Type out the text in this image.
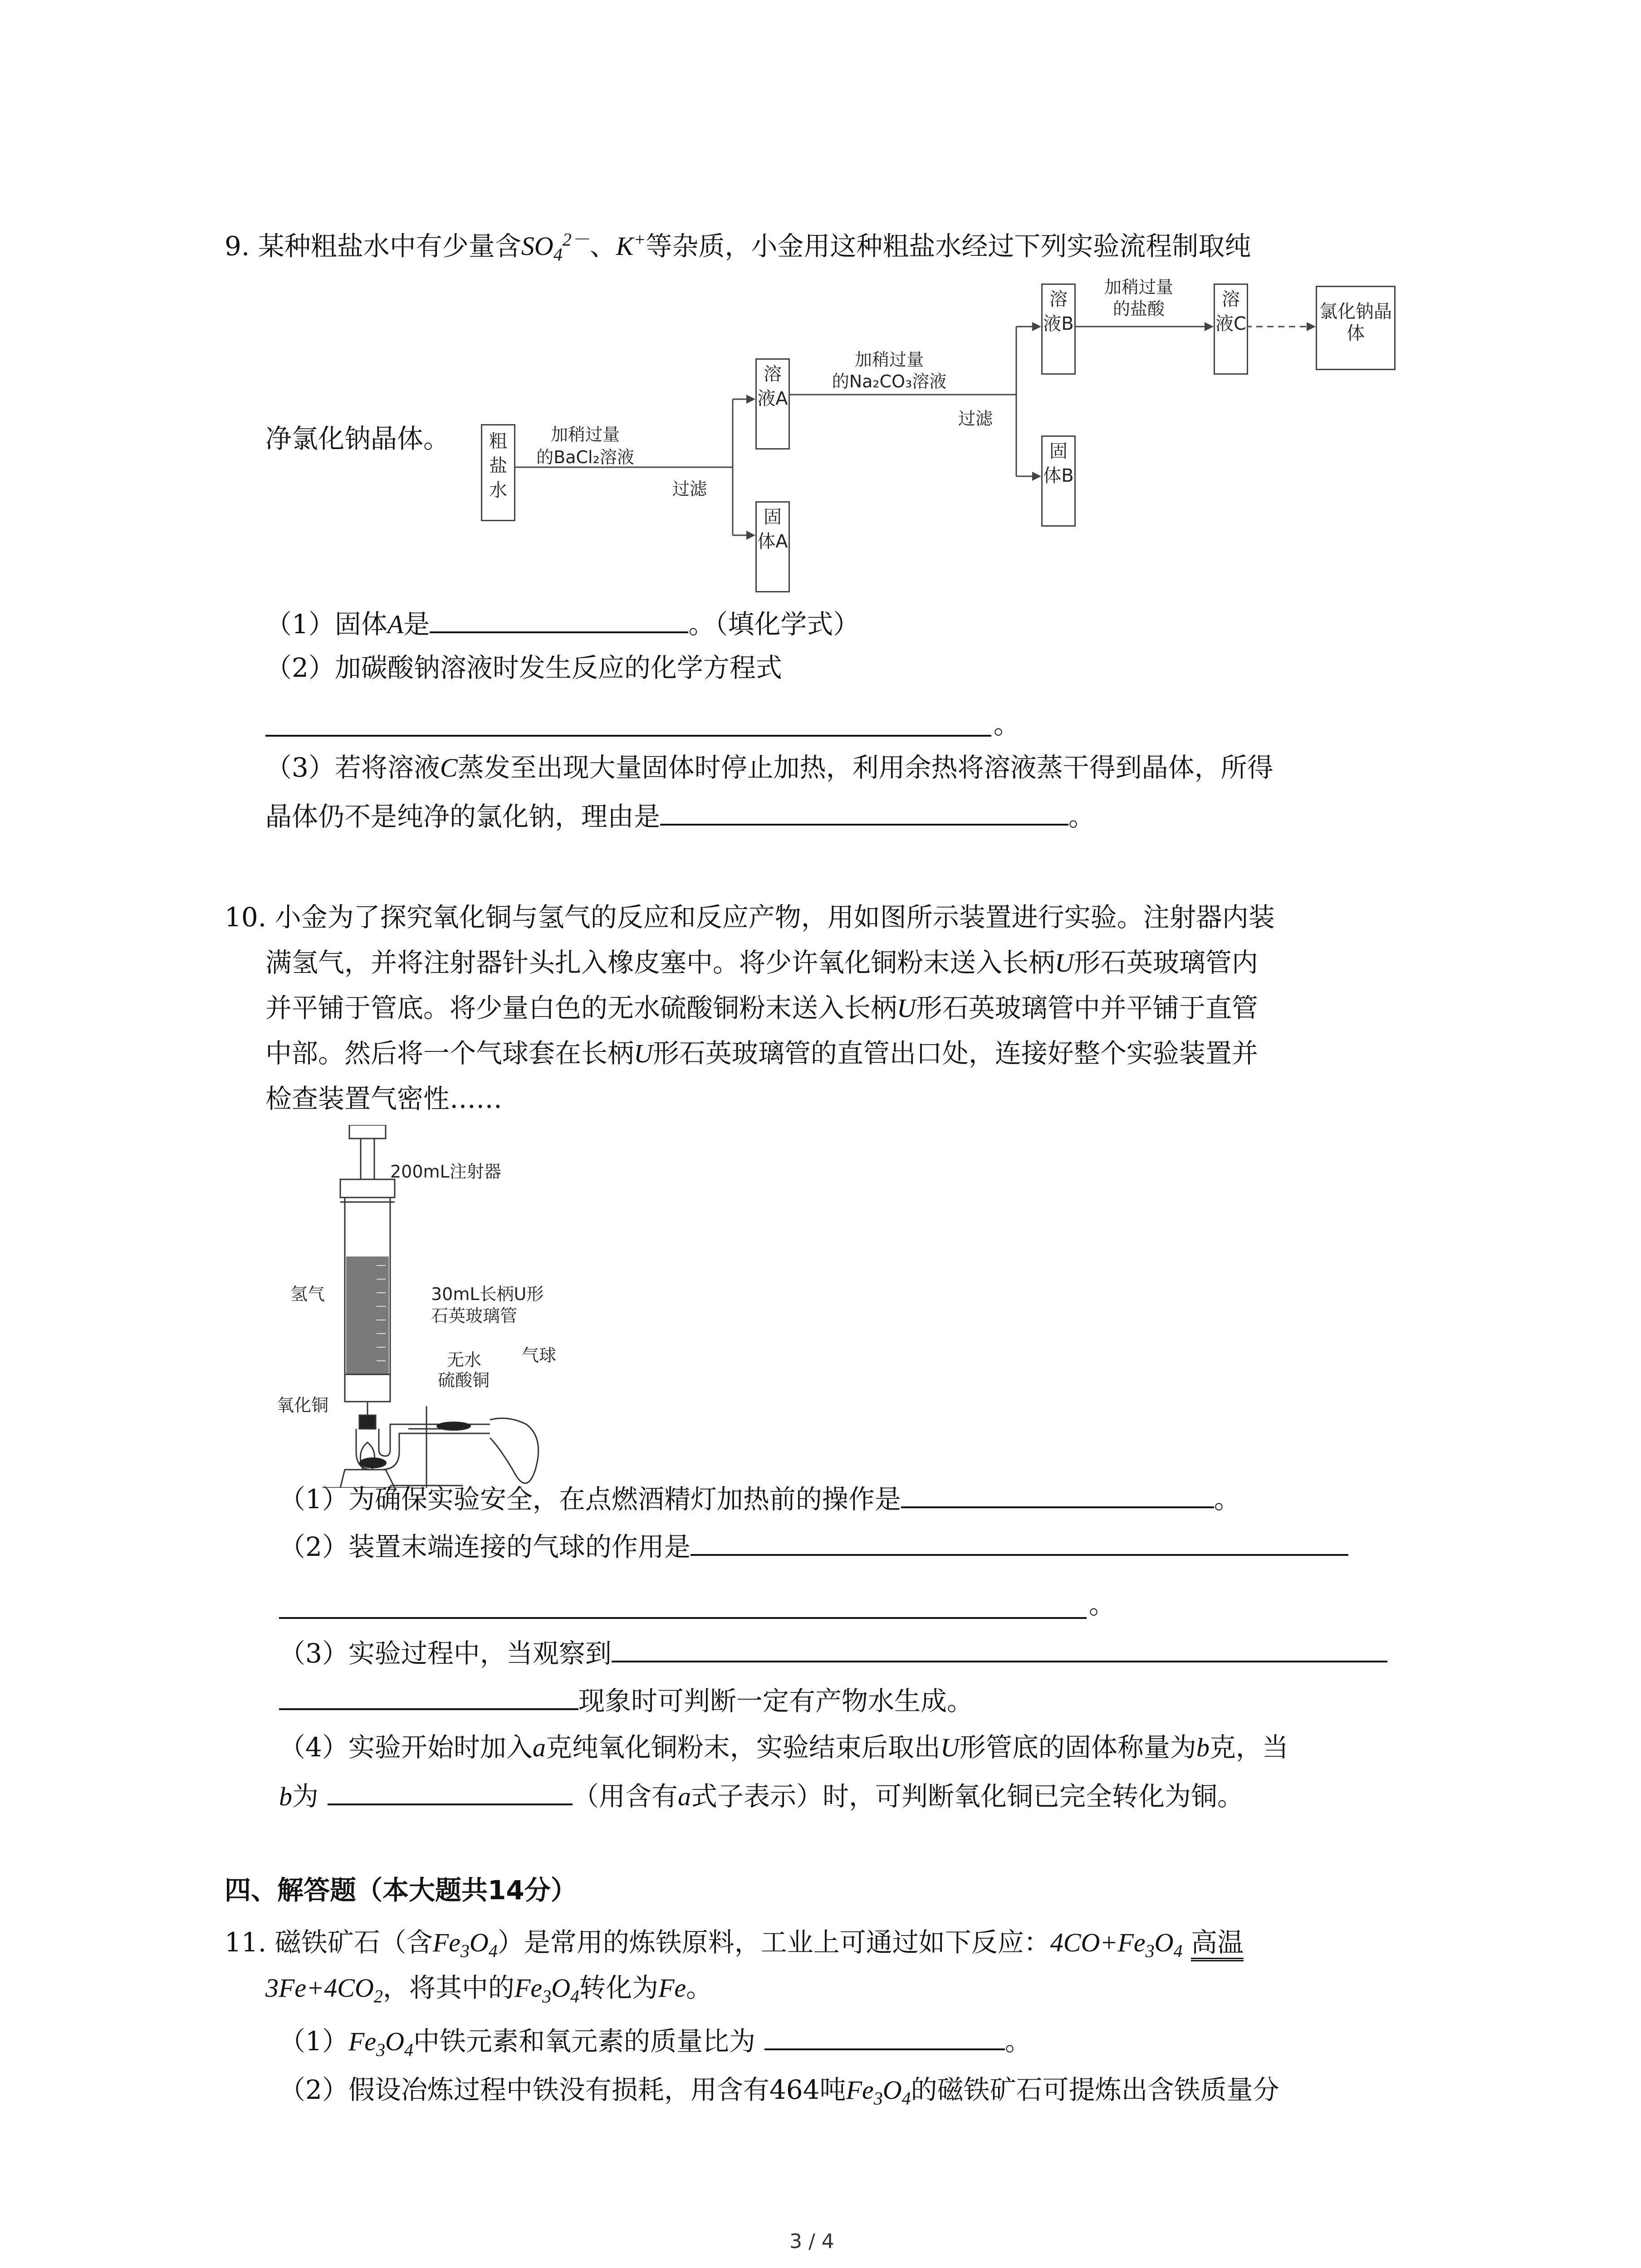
9. 某种粗盐水中有少量含$SO_4^{2-}$、K+等杂质，小金用这种粗盐水经过下列实验流程制取纯
净氯化钠晶体。	粗盐水
加稍过量
的BaCl₂溶液
过滤
溶液A
固体A
加稍过量
的Na₂CO₃溶液
过滤
溶液B
固体B
加稍过量
的盐酸	溶液C
氯化钠晶体
（1）固体A是	。（填化学式）
（2）加碳酸钠溶液时发生反应的化学方程式
。
（3）若将溶液C蒸发至出现大量固体时停止加热，利用余热将溶液蒸干得到晶体，所得
晶体仍不是纯净的氯化钠，理由是	。
10. 小金为了探究氧化铜与氢气的反应和反应产物，用如图所示装置进行实验。注射器内装
满氢气，并将注射器针头扎入橡皮塞中。将少许氧化铜粉末送入长柄U形石英玻璃管内
并平铺于管底。将少量白色的无水硫酸铜粉末送入长柄U形石英玻璃管中并平铺于直管
中部。然后将一个气球套在长柄U形石英玻璃管的直管出口处，连接好整个实验装置并
检查装置气密性……
200mL注射器
氢气	30mL长柄U形
石英玻璃管
无水
硫酸铜
气球
氧化铜
（1）为确保实验安全，在点燃酒精灯加热前的操作是	。
（2）装置末端连接的气球的作用是
。
（3）实验过程中，当观察到
现象时可判断一定有产物水生成。
（4）实验开始时加入a克纯氧化铜粉末，实验结束后取出U形管底的固体称量为b克，当
b为	（用含有a式子表示）时，可判断氧化铜已完全转化为铜。
四、解答题（本大题共14分）
11. 磁铁矿石（含$Fe_3O_4$）是常用的炼铁原料，工业上可通过如下反应：$4CO+Fe_3O_4$ 高温
$3Fe+4CO_2$，将其中的$Fe_3O_4$转化为Fe。
$(1)Fe_3O_4$中铁元素和氧元素的质量比为	。
（2）假设冶炼过程中铁没有损耗，用含有464吨$Fe_3O_4$的磁铁矿石可提炼出含铁质量分
3 / 4
